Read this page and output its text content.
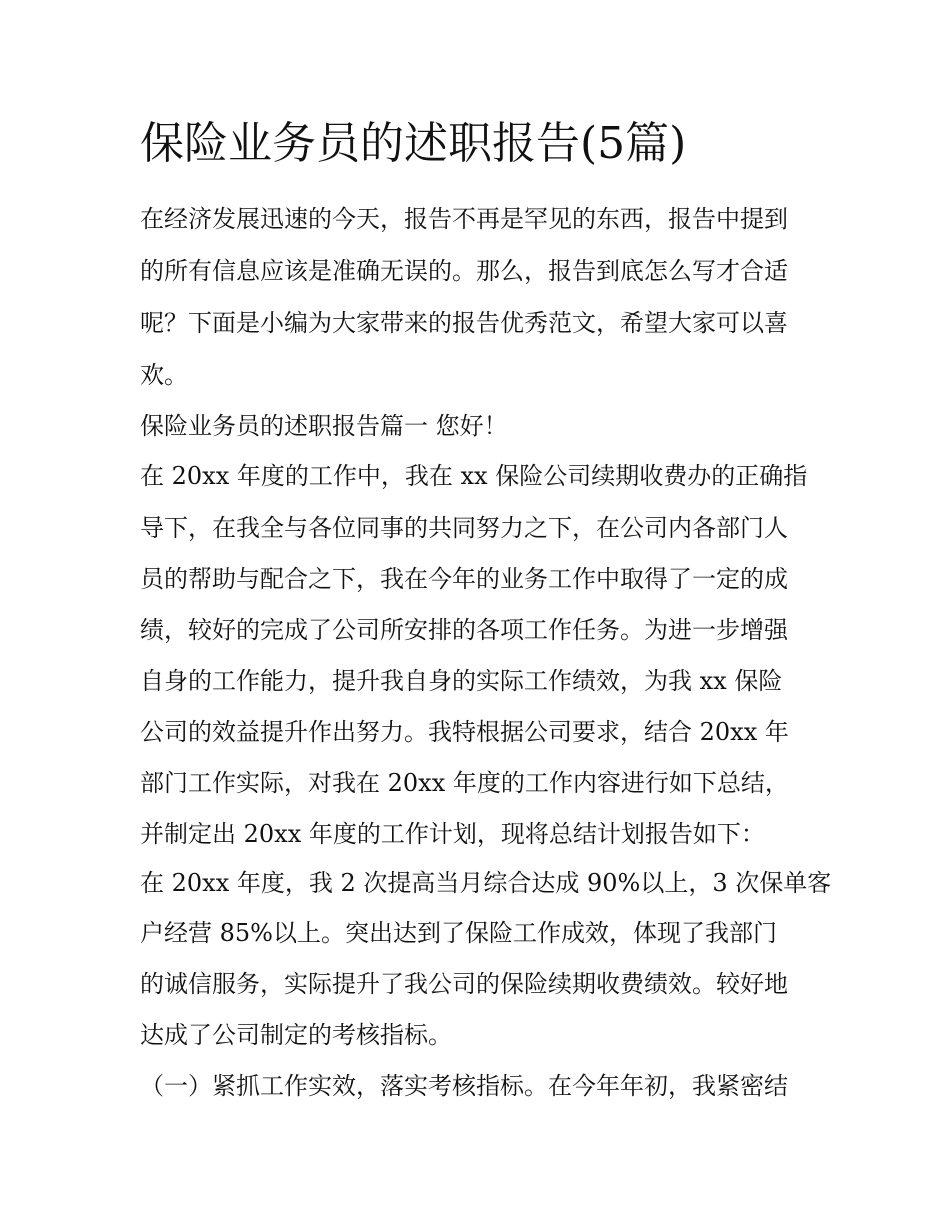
保险业务员的述职报告(5篇)
在经济发展迅速的今天，报告不再是罕见的东西，报告中提到
的所有信息应该是准确无误的。那么，报告到底怎么写才合适
呢？下面是小编为大家带来的报告优秀范文，希望大家可以喜
欢。
保险业务员的述职报告篇一 您好！
在 20xx 年度的工作中，我在 xx 保险公司续期收费办的正确指
导下，在我全与各位同事的共同努力之下，在公司内各部门人
员的帮助与配合之下，我在今年的业务工作中取得了一定的成
绩，较好的完成了公司所安排的各项工作任务。为进一步增强
自身的工作能力，提升我自身的实际工作绩效，为我 xx 保险
公司的效益提升作出努力。我特根据公司要求，结合 20xx 年
部门工作实际，对我在 20xx 年度的工作内容进行如下总结，
并制定出 20xx 年度的工作计划，现将总结计划报告如下：
在 20xx 年度，我 2 次提高当月综合达成 90%以上，3 次保单客
户经营 85%以上。突出达到了保险工作成效，体现了我部门
的诚信服务，实际提升了我公司的保险续期收费绩效。较好地
达成了公司制定的考核指标。
（一）紧抓工作实效，落实考核指标。在今年年初，我紧密结
